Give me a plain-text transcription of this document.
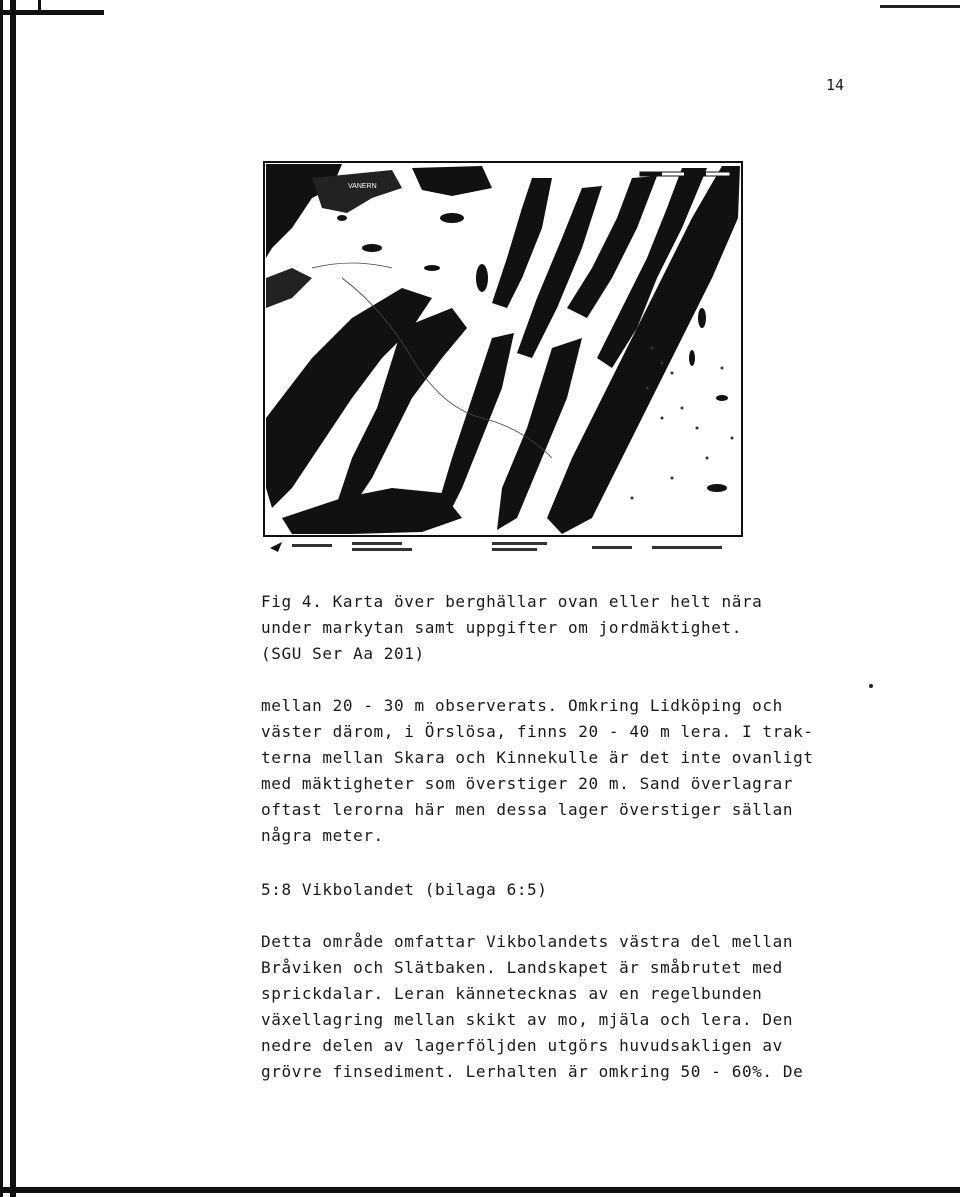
14
VANERN
Fig 4. Karta över berghällar ovan eller helt nära
under markytan samt uppgifter om jordmäktighet.
(SGU Ser Aa 201)
mellan 20 - 30 m observerats. Omkring Lidköping och
väster därom, i Örslösa, finns 20 - 40 m lera. I trak-
terna mellan Skara och Kinnekulle är det inte ovanligt
med mäktigheter som överstiger 20 m. Sand överlagrar
oftast lerorna här men dessa lager överstiger sällan
några meter.
5:8 Vikbolandet (bilaga 6:5)
Detta område omfattar Vikbolandets västra del mellan
Bråviken och Slätbaken. Landskapet är småbrutet med
sprickdalar. Leran kännetecknas av en regelbunden
växellagring mellan skikt av mo, mjäla och lera. Den
nedre delen av lagerföljden utgörs huvudsakligen av
grövre finsediment. Lerhalten är omkring 50 - 60%. De
